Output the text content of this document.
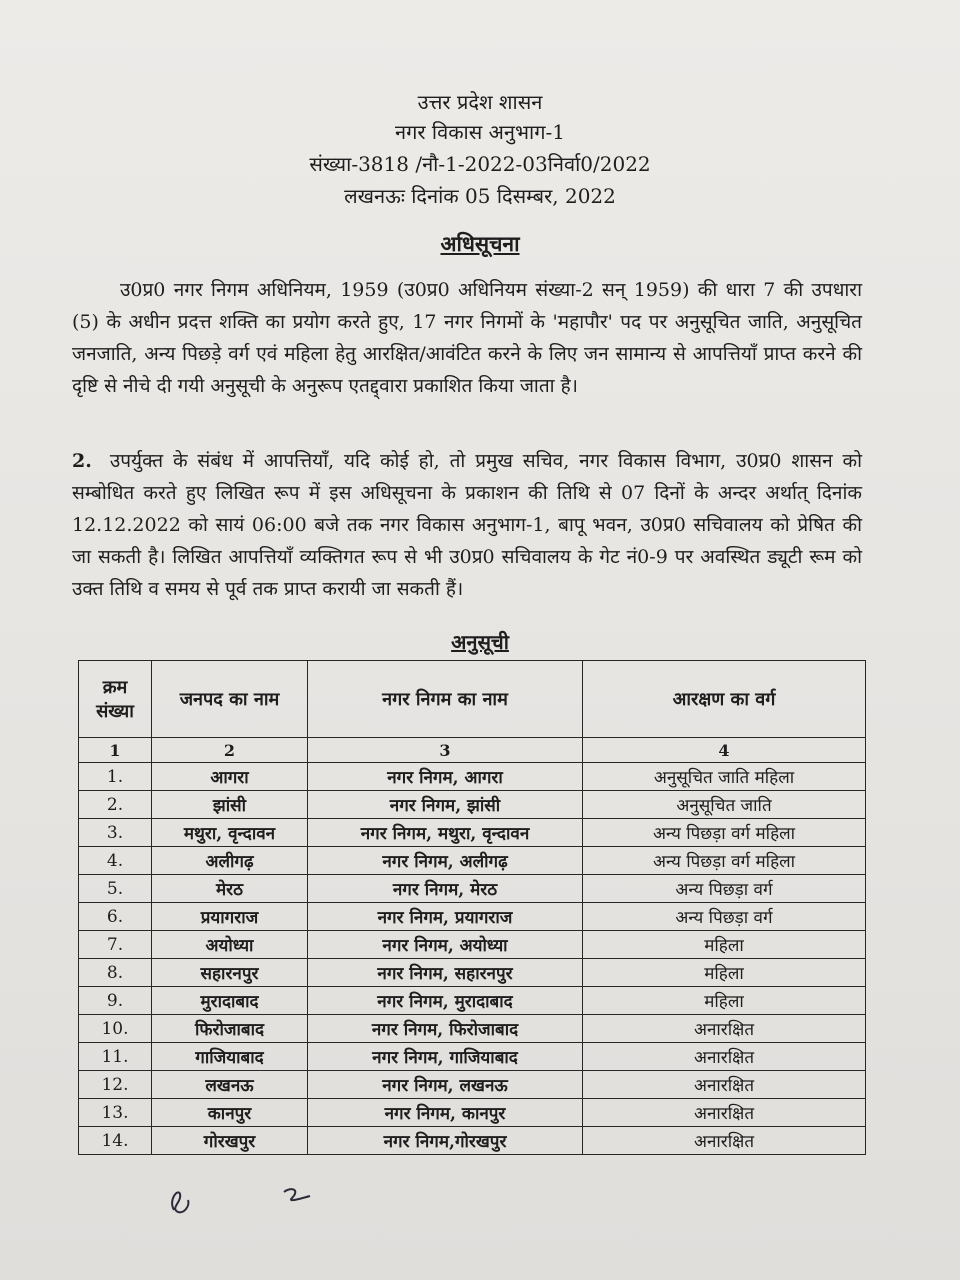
उत्तर प्रदेश शासन
नगर विकास अनुभाग-1
संख्या-3818 /नौ-1-2022-03निर्वा0/2022
लखनऊः दिनांक 05 दिसम्बर, 2022
अधिसूचना
उ0प्र0 नगर निगम अधिनियम, 1959 (उ0प्र0 अधिनियम संख्या-2 सन् 1959) की धारा 7 की उपधारा (5) के अधीन प्रदत्त शक्ति का प्रयोग करते हुए, 17 नगर निगमों के 'महापौर' पद पर अनुसूचित जाति, अनुसूचित जनजाति, अन्य पिछड़े वर्ग एवं महिला हेतु आरक्षित/आवंटित करने के लिए जन सामान्य से आपत्तियाँ प्राप्त करने की दृष्टि से नीचे दी गयी अनुसूची के अनुरूप एतद्द्वारा प्रकाशित किया जाता है।
2. उपर्युक्त के संबंध में आपत्तियाँ, यदि कोई हो, तो प्रमुख सचिव, नगर विकास विभाग, उ0प्र0 शासन को सम्बोधित करते हुए लिखित रूप में इस अधिसूचना के प्रकाशन की तिथि से 07 दिनों के अन्दर अर्थात् दिनांक 12.12.2022 को सायं 06:00 बजे तक नगर विकास अनुभाग-1, बापू भवन, उ0प्र0 सचिवालय को प्रेषित की जा सकती है। लिखित आपत्तियाँ व्यक्तिगत रूप से भी उ0प्र0 सचिवालय के गेट नं0-9 पर अवस्थित ड्यूटी रूम को उक्त तिथि व समय से पूर्व तक प्राप्त करायी जा सकती हैं।
अनुसूची
क्रम संख्या	जनपद का नाम	नगर निगम का नाम	आरक्षण का वर्ग
1	2	3	4
1.	आगरा	नगर निगम, आगरा	अनुसूचित जाति महिला
2.	झांसी	नगर निगम, झांसी	अनुसूचित जाति
3.	मथुरा, वृन्दावन	नगर निगम, मथुरा, वृन्दावन	अन्य पिछड़ा वर्ग महिला
4.	अलीगढ़	नगर निगम, अलीगढ़	अन्य पिछड़ा वर्ग महिला
5.	मेरठ	नगर निगम, मेरठ	अन्य पिछड़ा वर्ग
6.	प्रयागराज	नगर निगम, प्रयागराज	अन्य पिछड़ा वर्ग
7.	अयोध्या	नगर निगम, अयोध्या	महिला
8.	सहारनपुर	नगर निगम, सहारनपुर	महिला
9.	मुरादाबाद	नगर निगम, मुरादाबाद	महिला
10.	फिरोजाबाद	नगर निगम, फिरोजाबाद	अनारक्षित
11.	गाजियाबाद	नगर निगम, गाजियाबाद	अनारक्षित
12.	लखनऊ	नगर निगम, लखनऊ	अनारक्षित
13.	कानपुर	नगर निगम, कानपुर	अनारक्षित
14.	गोरखपुर	नगर निगम,गोरखपुर	अनारक्षित
